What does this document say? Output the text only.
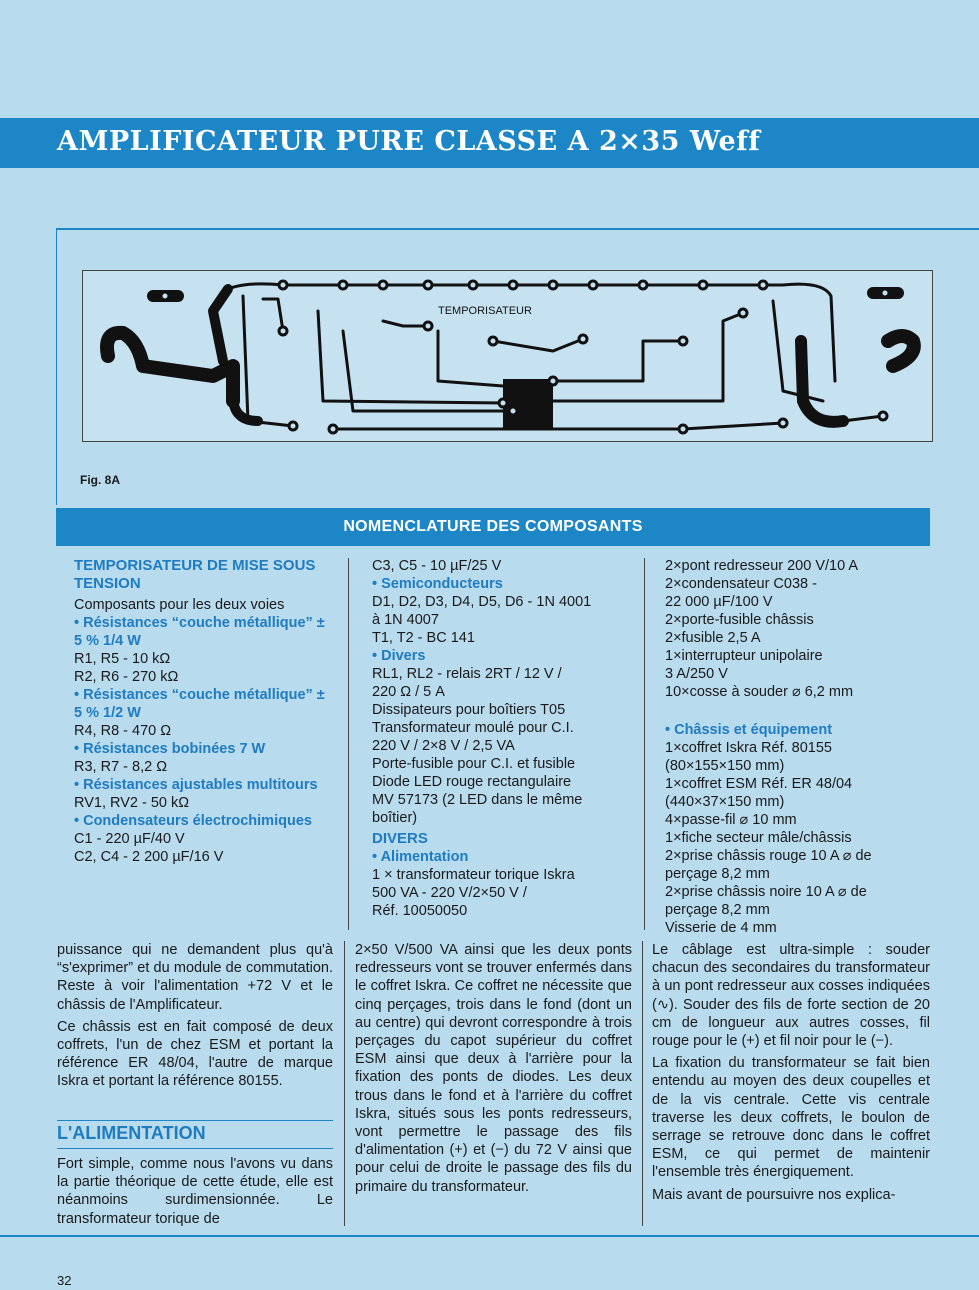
AMPLIFICATEUR PURE CLASSE A 2×35 Weff
TEMPORISATEUR
Fig. 8A
NOMENCLATURE DES COMPOSANTS

TEMPORISATEUR DE MISE SOUS TENSION

Composants pour les deux voies

• Résistances “couche métallique” ± 5 % 1/4 W

R1, R5 - 10 kΩ

R2, R6 - 270 kΩ

• Résistances “couche métallique” ± 5 % 1/2 W

R4, R8 - 470 Ω

• Résistances bobinées 7 W

R3, R7 - 8,2 Ω

• Résistances ajustables multitours

RV1, RV2 - 50 kΩ

• Condensateurs électrochimiques

C1 - 220 µF/40 V

C2, C4 - 2 200 µF/16 V

C3, C5 - 10 µF/25 V

• Semiconducteurs

D1, D2, D3, D4, D5, D6 - 1N 4001

à 1N 4007

T1, T2 - BC 141

• Divers

RL1, RL2 - relais 2RT / 12 V /

220 Ω / 5 A

Dissipateurs pour boîtiers T05

Transformateur moulé pour C.I.

220 V / 2×8 V / 2,5 VA

Porte-fusible pour C.I. et fusible

Diode LED rouge rectangulaire

MV 57173 (2 LED dans le même

boîtier)

DIVERS

• Alimentation

1 × transformateur torique Iskra

500 VA - 220 V/2×50 V /

Réf. 10050050

2×pont redresseur 200 V/10 A

2×condensateur C038 -

22 000 µF/100 V

2×porte-fusible châssis

2×fusible 2,5 A

1×interrupteur unipolaire

3 A/250 V

10×cosse à souder ⌀ 6,2 mm

• Châssis et équipement

1×coffret Iskra Réf. 80155

(80×155×150 mm)

1×coffret ESM Réf. ER 48/04

(440×37×150 mm)

4×passe-fil ⌀ 10 mm

1×fiche secteur mâle/châssis

2×prise châssis rouge 10 A ⌀ de

perçage 8,2 mm

2×prise châssis noire 10 A ⌀ de

perçage 8,2 mm

Visserie de 4 mm

puissance qui ne demandent plus qu'à “s'exprimer” et du module de commutation. Reste à voir l'alimentation +72 V et le châssis de l'Amplificateur.

Ce châssis est en fait composé de deux coffrets, l'un de chez ESM et portant la référence ER 48/04, l'autre de marque Iskra et portant la référence 80155.

L'ALIMENTATION

Fort simple, comme nous l'avons vu dans la partie théorique de cette étude, elle est néanmoins surdimensionnée. Le transformateur torique de

2×50 V/500 VA ainsi que les deux ponts redresseurs vont se trouver enfermés dans le coffret Iskra. Ce coffret ne nécessite que cinq perçages, trois dans le fond (dont un au centre) qui devront correspondre à trois perçages du capot supérieur du coffret ESM ainsi que deux à l'arrière pour la fixation des ponts de diodes. Les deux trous dans le fond et à l'arrière du coffret Iskra, situés sous les ponts redresseurs, vont permettre le passage des fils d'alimentation (+) et (−) du 72 V ainsi que pour celui de droite le passage des fils du primaire du transformateur.

Le câblage est ultra-simple : souder chacun des secondaires du transformateur à un pont redresseur aux cosses indiquées (∿). Souder des fils de forte section de 20 cm de longueur aux autres cosses, fil rouge pour le (+) et fil noir pour le (−).

La fixation du transformateur se fait bien entendu au moyen des deux coupelles et de la vis centrale. Cette vis centrale traverse les deux coffrets, le boulon de serrage se retrouve donc dans le coffret ESM, ce qui permet de maintenir l'ensemble très énergiquement.

Mais avant de poursuivre nos explica-

32
